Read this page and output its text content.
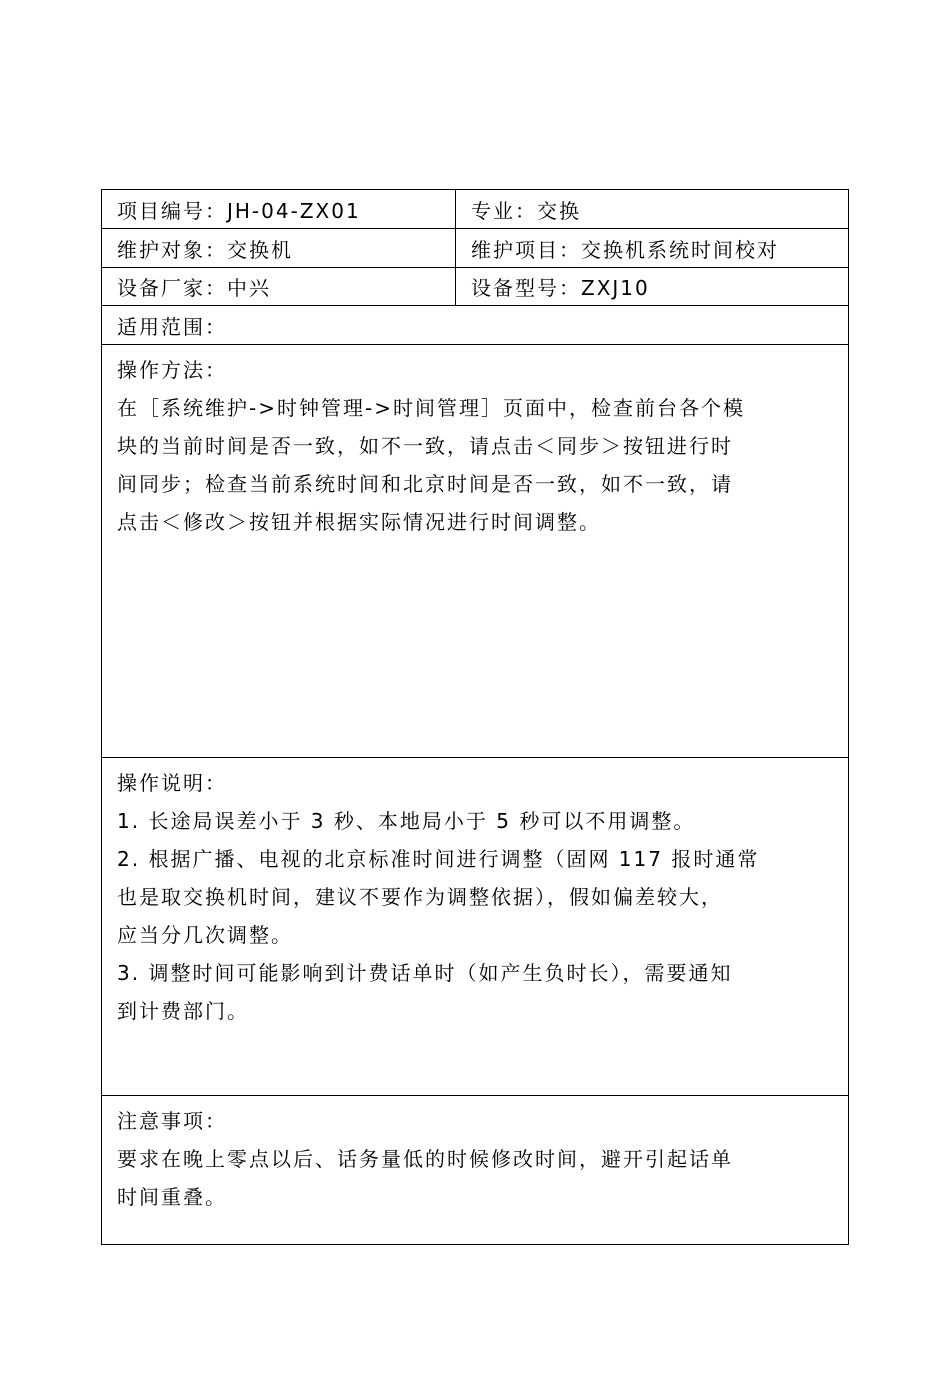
项目编号：JH-04-ZX01	专业：交换
维护对象：交换机	维护项目：交换机系统时间校对
设备厂家：中兴	设备型号：ZXJ10
适用范围：

操作方法：

在［系统维护->时钟管理->时间管理］页面中，检查前台各个模

块的当前时间是否一致，如不一致，请点击＜同步＞按钮进行时

间同步；检查当前系统时间和北京时间是否一致，如不一致，请

点击＜修改＞按钮并根据实际情况进行时间调整。

操作说明：

1. 长途局误差小于 3 秒、本地局小于 5 秒可以不用调整。

2. 根据广播、电视的北京标准时间进行调整（固网 117 报时通常

也是取交换机时间，建议不要作为调整依据），假如偏差较大，

应当分几次调整。

3. 调整时间可能影响到计费话单时（如产生负时长），需要通知

到计费部门。

注意事项：

要求在晚上零点以后、话务量低的时候修改时间，避开引起话单

时间重叠。
